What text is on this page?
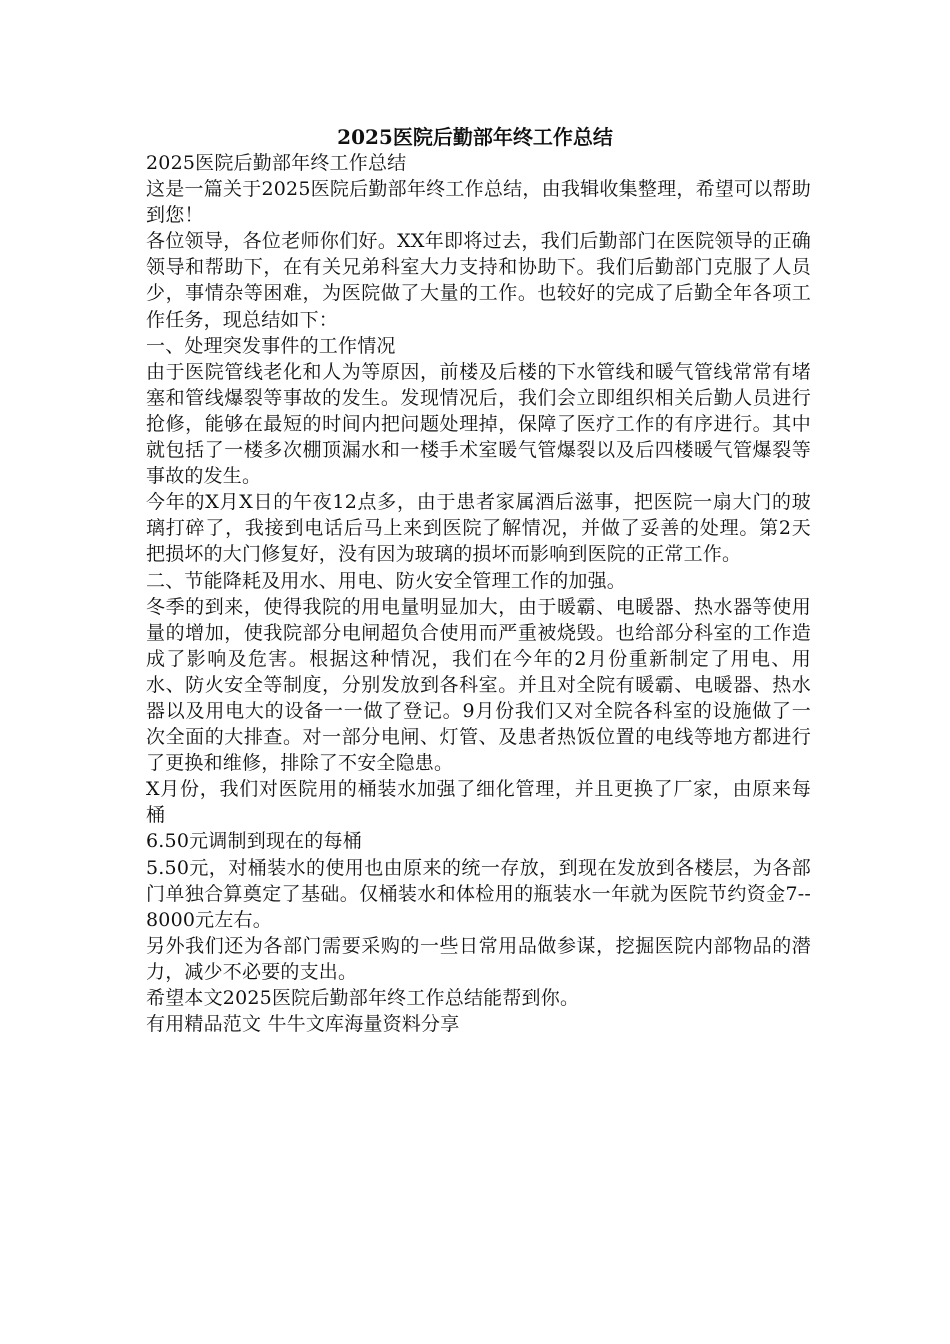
2025医院后勤部年终工作总结

2025医院后勤部年终工作总结

这是一篇关于2025医院后勤部年终工作总结，由我辑收集整理，希望可以帮助到您！

各位领导，各位老师你们好。XX年即将过去，我们后勤部门在医院领导的正确领导和帮助下，在有关兄弟科室大力支持和协助下。我们后勤部门克服了人员少，事情杂等困难，为医院做了大量的工作。也较好的完成了后勤全年各项工作任务，现总结如下：

一、处理突发事件的工作情况

由于医院管线老化和人为等原因，前楼及后楼的下水管线和暖气管线常常有堵塞和管线爆裂等事故的发生。发现情况后，我们会立即组织相关后勤人员进行抢修，能够在最短的时间内把问题处理掉，保障了医疗工作的有序进行。其中就包括了一楼多次棚顶漏水和一楼手术室暖气管爆裂以及后四楼暖气管爆裂等事故的发生。

今年的X月X日的午夜12点多，由于患者家属酒后滋事，把医院一扇大门的玻璃打碎了，我接到电话后马上来到医院了解情况，并做了妥善的处理。第2天把损坏的大门修复好，没有因为玻璃的损坏而影响到医院的正常工作。

二、节能降耗及用水、用电、防火安全管理工作的加强。

冬季的到来，使得我院的用电量明显加大，由于暖霸、电暖器、热水器等使用量的增加，使我院部分电闸超负合使用而严重被烧毁。也给部分科室的工作造成了影响及危害。根据这种情况，我们在今年的2月份重新制定了用电、用水、防火安全等制度，分别发放到各科室。并且对全院有暖霸、电暖器、热水器以及用电大的设备一一做了登记。9月份我们又对全院各科室的设施做了一次全面的大排查。对一部分电闸、灯管、及患者热饭位置的电线等地方都进行了更换和维修，排除了不安全隐患。

X月份，我们对医院用的桶装水加强了细化管理，并且更换了厂家，由原来每桶

6.50元调制到现在的每桶

5.50元，对桶装水的使用也由原来的统一存放，到现在发放到各楼层，为各部门单独合算奠定了基础。仅桶装水和体检用的瓶装水一年就为医院节约资金7--8000元左右。

另外我们还为各部门需要采购的一些日常用品做参谋，挖掘医院内部物品的潜力，减少不必要的支出。

希望本文2025医院后勤部年终工作总结能帮到你。

有用精品范文 牛牛文库海量资料分享
